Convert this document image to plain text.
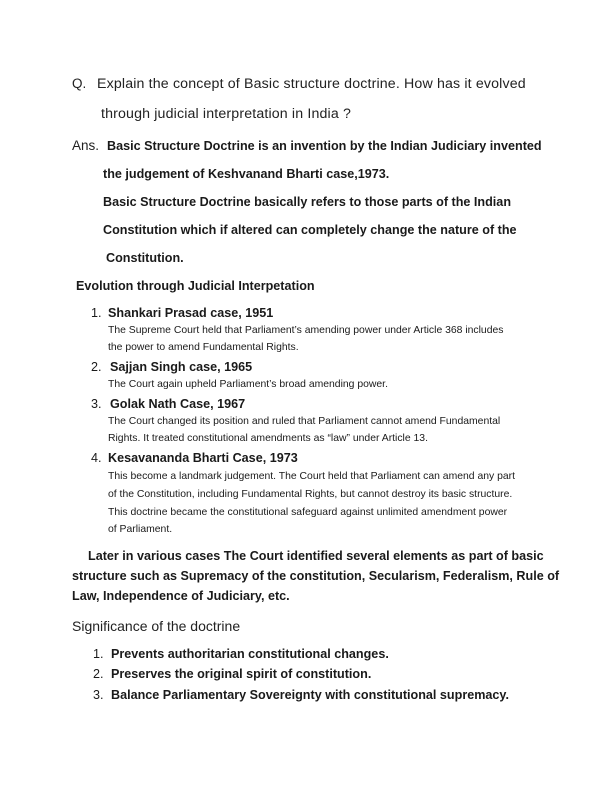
Q. Explain the concept of Basic structure doctrine. How has it evolved
through judicial interpretation in India ?
Ans. Basic Structure Doctrine is an invention by the Indian Judiciary invented
the judgement of Keshvanand Bharti case,1973.
Basic Structure Doctrine basically refers to those parts of the Indian
Constitution which if altered can completely change the nature of the
Constitution.
Evolution through Judicial Interpetation
1. Shankari Prasad case, 1951
The Supreme Court held that Parliament’s amending power under Article 368 includes
the power to amend Fundamental Rights.
2. Sajjan Singh case, 1965
The Court again upheld Parliament’s broad amending power.
3. Golak Nath Case, 1967
The Court changed its position and ruled that Parliament cannot amend Fundamental
Rights. It treated constitutional amendments as “law” under Article 13.
4. Kesavananda Bharti Case, 1973
This become a landmark judgement. The Court held that Parliament can amend any part
of the Constitution, including Fundamental Rights, but cannot destroy its basic structure.
This doctrine became the constitutional safeguard against unlimited amendment power
of Parliament.
Later in various cases The Court identified several elements as part of basic
structure such as Supremacy of the constitution, Secularism, Federalism, Rule of
Law, Independence of Judiciary, etc.
Significance of the doctrine
1. Prevents authoritarian constitutional changes.
2. Preserves the original spirit of constitution.
3. Balance Parliamentary Sovereignty with constitutional supremacy.
